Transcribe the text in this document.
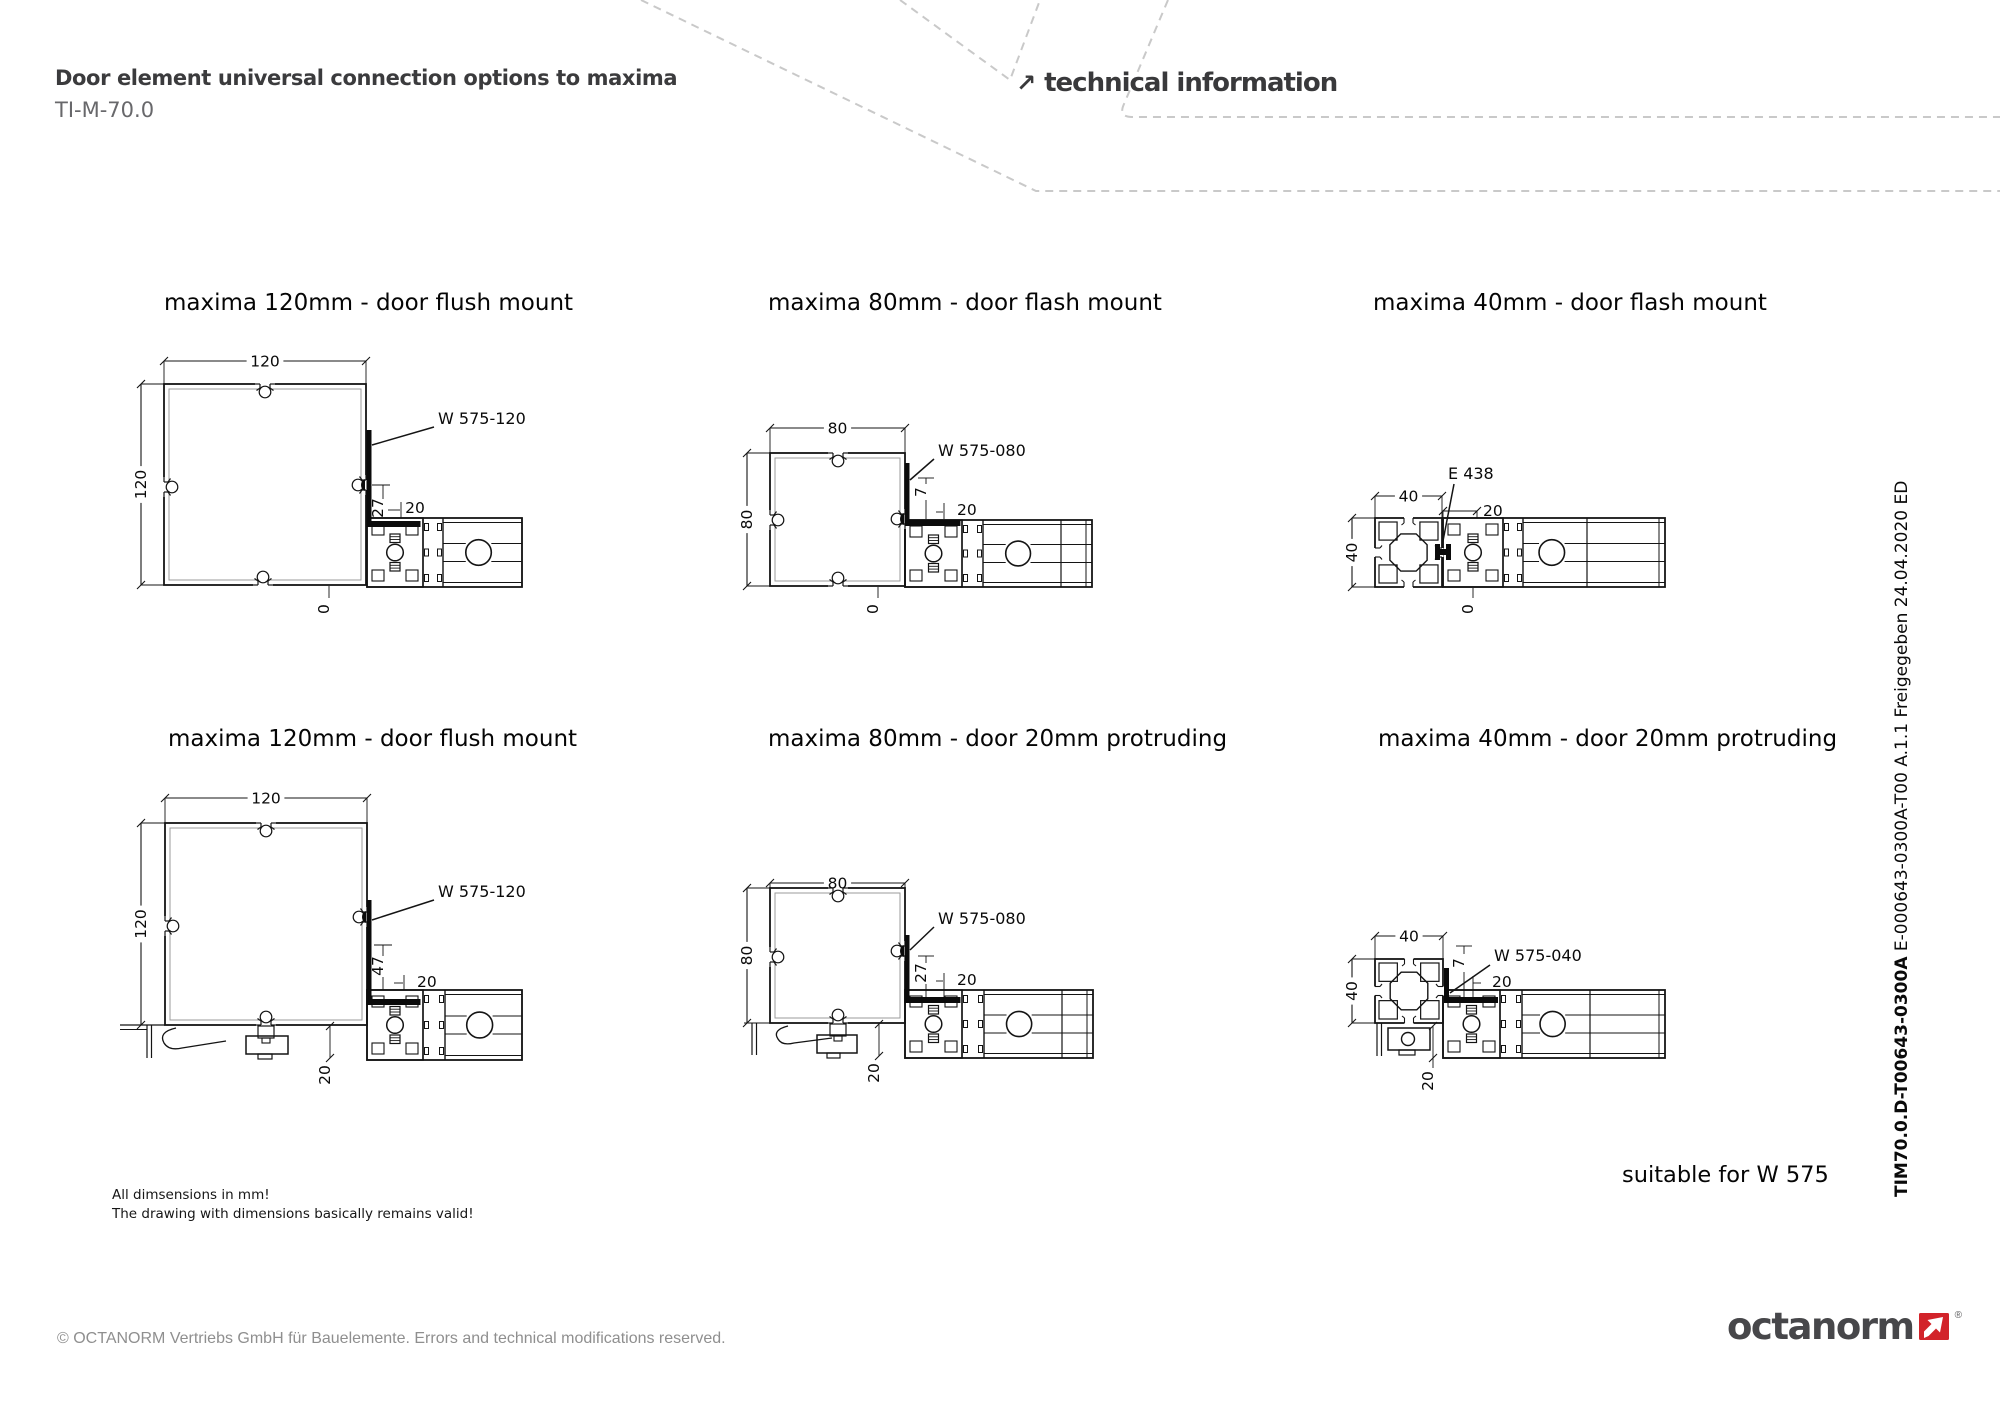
120
120
W 575-120
27 20
0
80
80
W 575-080
7
20
0
40
40
E 438
20
0
120
120
W 575-120
47
20
20
80
80
W 575-080
27 20
20
40
40
W 575-040
7
20
20
Door element universal connection options to maxima
TI-M-70.0
↗ technical information
maxima 120mm - door flush mount	maxima 80mm - door flash mount	maxima 40mm - door flash mount
maxima 120mm - door flush mount	maxima 80mm - door 20mm protruding	maxima 40mm - door 20mm protruding
TIM70.0.D-T00643-0300A E-000643-0300A-T00 A.1.1 Freigegeben 24.04.2020 ED
suitable for W 575
All dimsensions in mm!
The drawing with dimensions basically remains valid!
© OCTANORM Vertriebs GmbH für Bauelemente. Errors and technical modifications reserved.	octanorm	®
